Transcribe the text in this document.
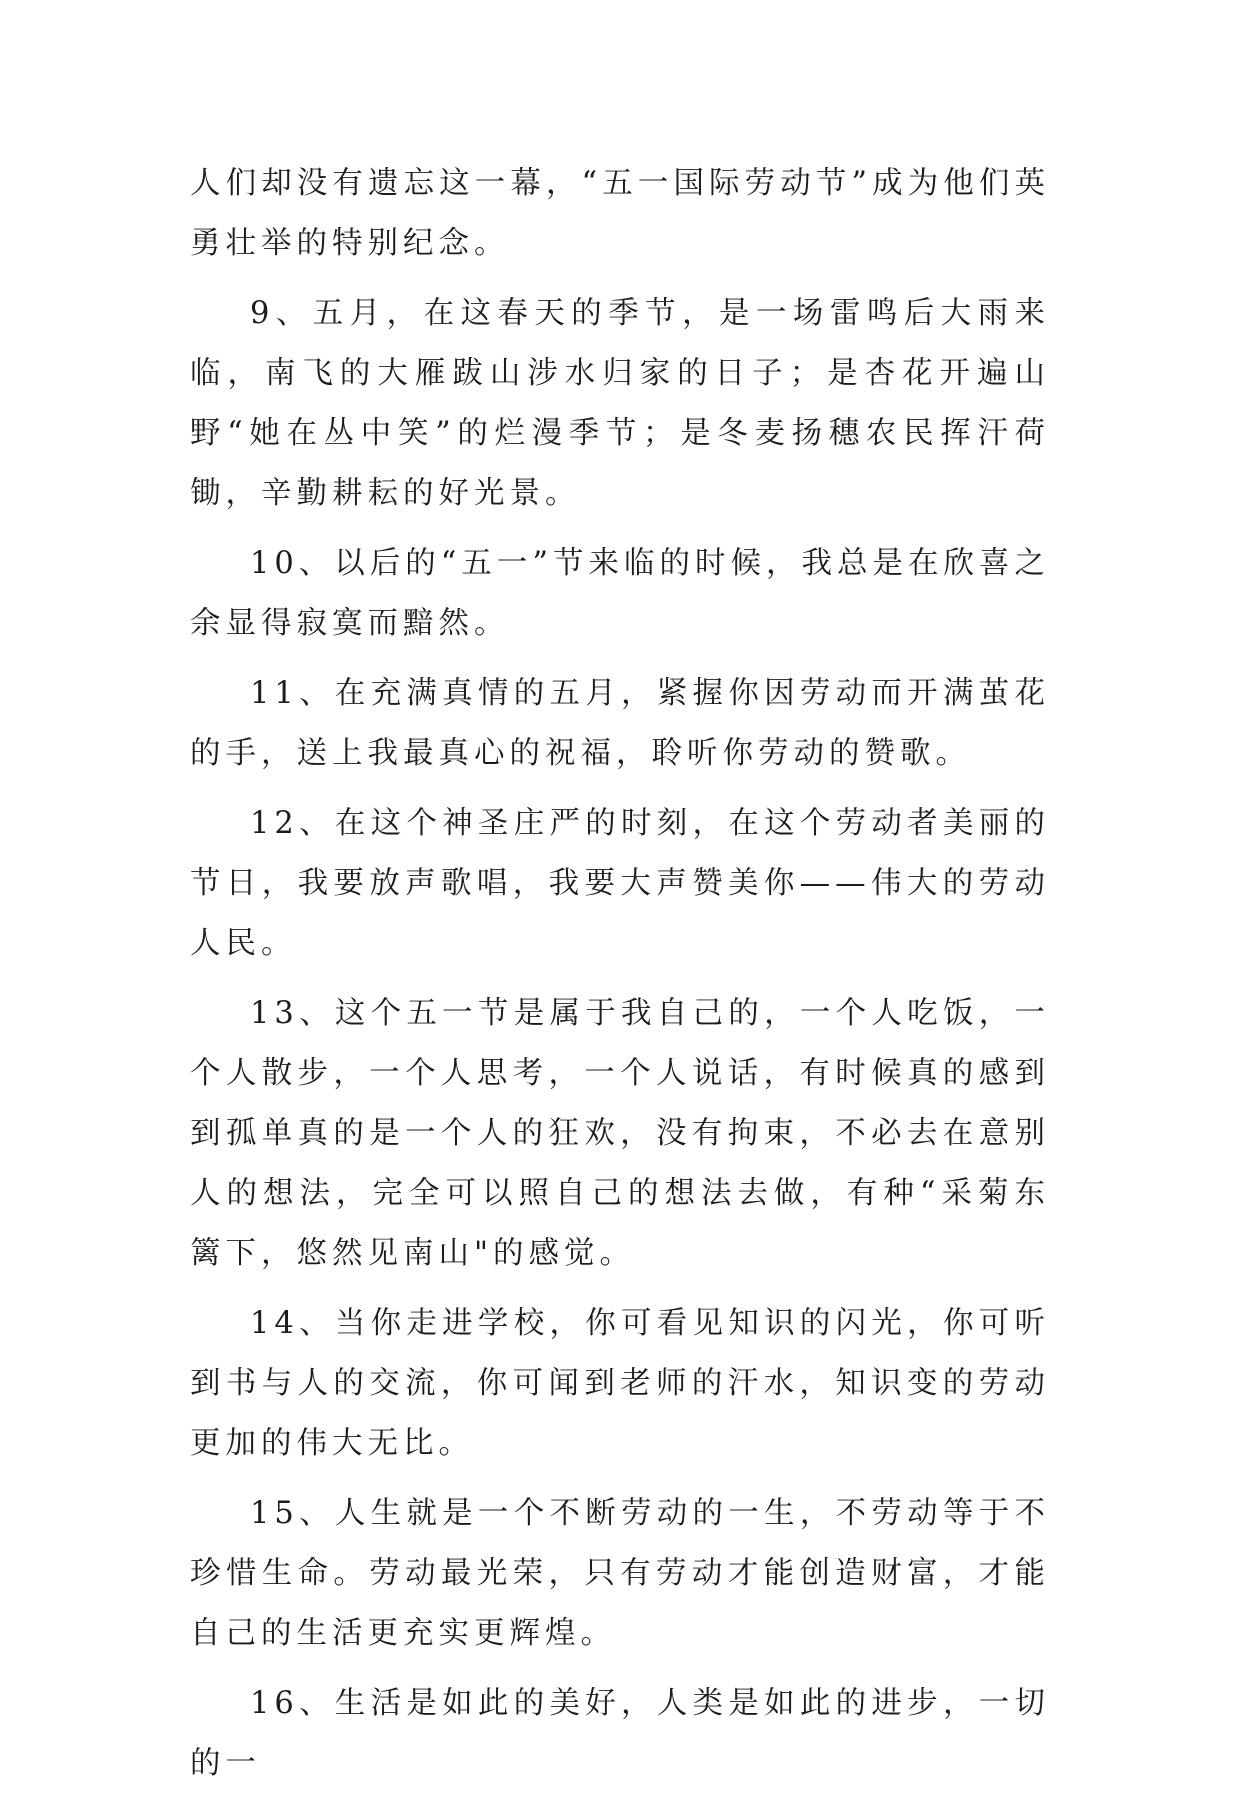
人们却没有遗忘这一幕，“五一国际劳动节”成为他们英勇壮举的特别纪念。

9、五月，在这春天的季节，是一场雷鸣后大雨来临，南飞的大雁跋山涉水归家的日子；是杏花开遍山野“她在丛中笑”的烂漫季节；是冬麦扬穗农民挥汗荷锄，辛勤耕耘的好光景。

10、以后的“五一”节来临的时候，我总是在欣喜之余显得寂寞而黯然。

11、在充满真情的五月，紧握你因劳动而开满茧花的手，送上我最真心的祝福，聆听你劳动的赞歌。

12、在这个神圣庄严的时刻，在这个劳动者美丽的节日，我要放声歌唱，我要大声赞美你——伟大的劳动人民。

13、这个五一节是属于我自己的，一个人吃饭，一个人散步，一个人思考，一个人说话，有时候真的感到到孤单真的是一个人的狂欢，没有拘束，不必去在意别人的想法，完全可以照自己的想法去做，有种“采菊东篱下，悠然见南山"的感觉。

14、当你走进学校，你可看见知识的闪光，你可听到书与人的交流，你可闻到老师的汗水，知识变的劳动更加的伟大无比。

15、人生就是一个不断劳动的一生，不劳动等于不珍惜生命。劳动最光荣，只有劳动才能创造财富，才能自己的生活更充实更辉煌。

16、生活是如此的美好，人类是如此的进步，一切的一
